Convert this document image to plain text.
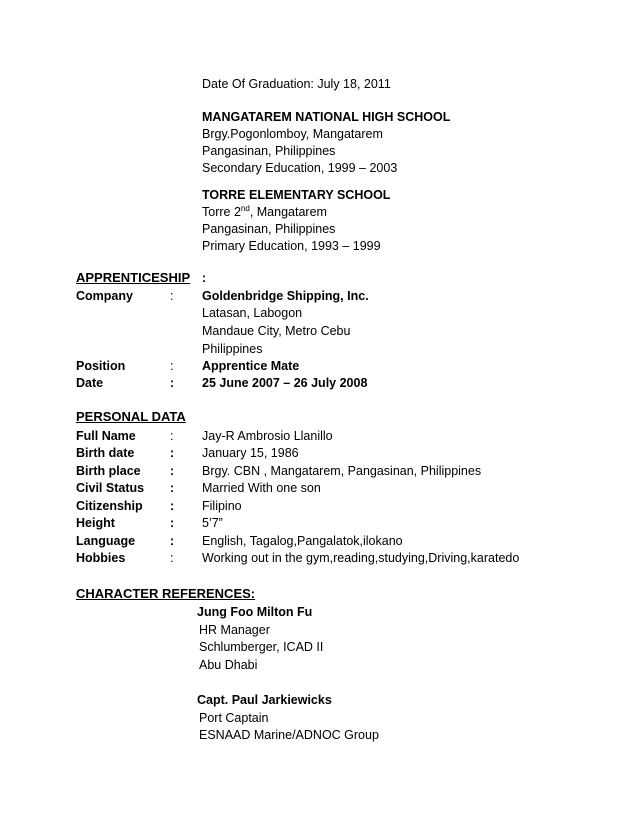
Date Of Graduation: July 18, 2011
MANGATAREM NATIONAL HIGH SCHOOL
Brgy.Pogonlomboy, Mangatarem
Pangasinan, Philippines
Secondary Education, 1999 – 2003
TORRE ELEMENTARY SCHOOL
Torre 2nd, Mangatarem
Pangasinan, Philippines
Primary Education, 1993 – 1999
APPRENTICESHIP :
Company	: Goldenbridge Shipping, Inc.
Latasan, Labogon
Mandaue City, Metro Cebu
Philippines
Position	: Apprentice Mate
Date	: 25 June 2007 – 26 July 2008
PERSONAL DATA
Full Name	: Jay-R Ambrosio Llanillo
Birth date	: January 15, 1986
Birth place : Brgy. CBN , Mangatarem, Pangasinan, Philippines
Civil Status : Married With one son
Citizenship : Filipino
Height	: 5’7”
Language	: English, Tagalog,Pangalatok,ilokano
Hobbies	: Working out in the gym,reading,studying,Driving,karatedo
CHARACTER REFERENCES:
Jung Foo Milton Fu
HR Manager
Schlumberger, ICAD II
Abu Dhabi
Capt. Paul Jarkiewicks
Port Captain
ESNAAD Marine/ADNOC Group
